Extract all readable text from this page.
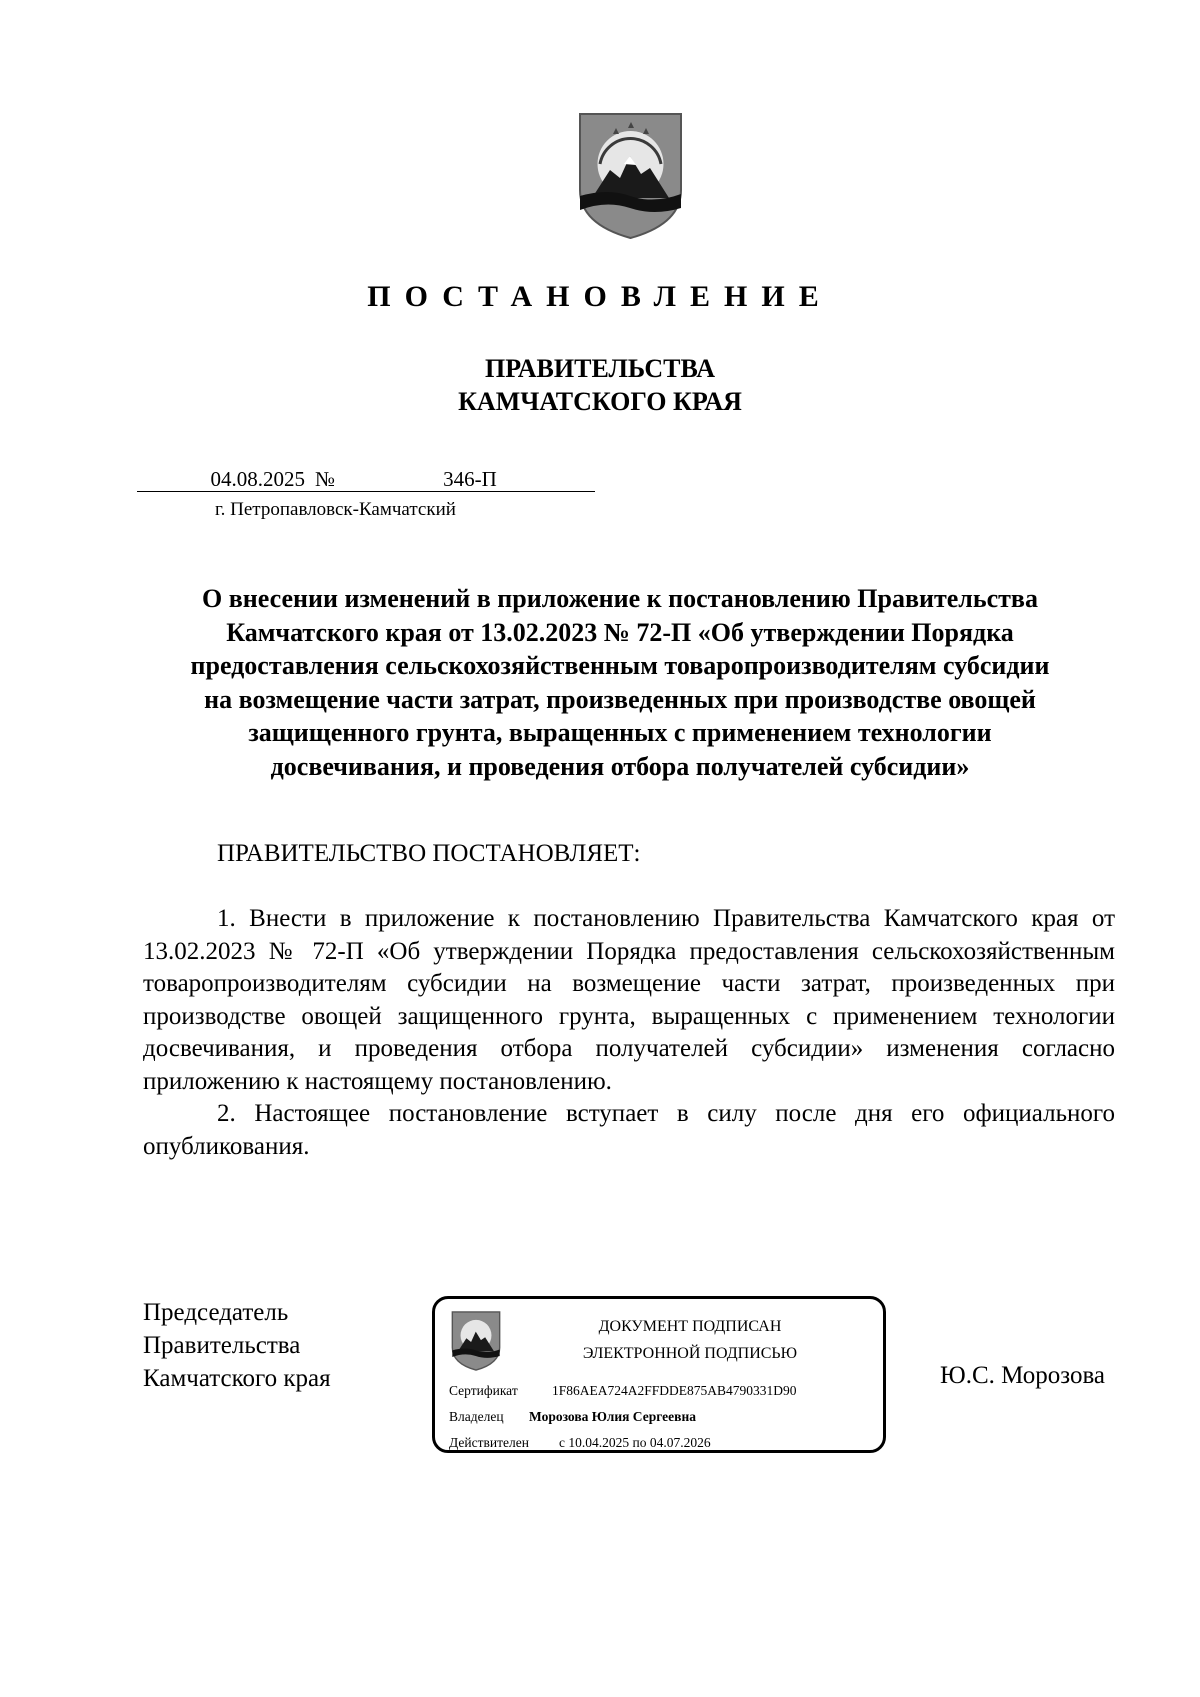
ПОСТАНОВЛЕНИЕ
ПРАВИТЕЛЬСТВА
КАМЧАТСКОГО КРАЯ
04.08.2025 №	346-П
г. Петропавловск-Камчатский
О внесении изменений в приложение к постановлению Правительства
Камчатского края от 13.02.2023 № 72-П «Об утверждении Порядка
предоставления сельскохозяйственным товаропроизводителям субсидии
на возмещение части затрат, произведенных при производстве овощей
защищенного грунта, выращенных с применением технологии
досвечивания, и проведения отбора получателей субсидии»
ПРАВИТЕЛЬСТВО ПОСТАНОВЛЯЕТ:

1. Внести в приложение к постановлению Правительства Камчатского края от 13.02.2023 № 72-П «Об утверждении Порядка предоставления сельскохозяйственным товаропроизводителям субсидии на возмещение части затрат, произведенных при производстве овощей защищенного грунта, выращенных с применением технологии досвечивания, и проведения отбора получателей субсидии» изменения согласно приложению к настоящему постановлению.

2. Настоящее постановление вступает в силу после дня его официального опубликования.

Председатель
Правительства
Камчатского края
ДОКУМЕНТ ПОДПИСАН
ЭЛЕКТРОННОЙ ПОДПИСЬЮ
Сертификат	1F86AEA724A2FFDDE875AB4790331D90
Владелец Морозова Юлия Сергеевна
Действителен с 10.04.2025 по 04.07.2026
Ю.С. Морозова
